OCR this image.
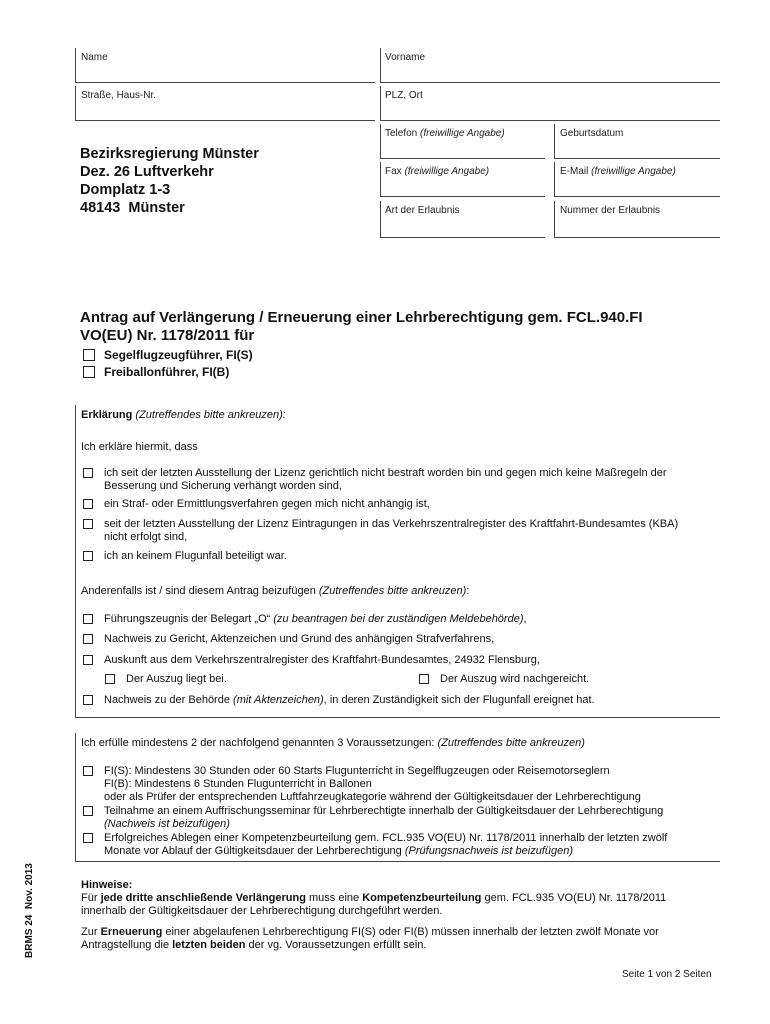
Name	Vorname
Straße, Haus-Nr.	PLZ, Ort
Telefon (freiwillige Angabe)	Geburtsdatum
Fax (freiwillige Angabe)	E-Mail (freiwillige Angabe)
Art der Erlaubnis	Nummer der Erlaubnis
Bezirksregierung Münster
Dez. 26 Luftverkehr
Domplatz 1-3
48143  Münster
Antrag auf Verlängerung / Erneuerung einer Lehrberechtigung gem. FCL.940.FI
VO(EU) Nr. 1178/2011 für
Segelflugzeugführer, FI(S)
Freiballonführer, FI(B)
Erklärung (Zutreffendes bitte ankreuzen):
Ich erkläre hiermit, dass
ich seit der letzten Ausstellung der Lizenz gerichtlich nicht bestraft worden bin und gegen mich keine Maßregeln der
Besserung und Sicherung verhängt worden sind,
ein Straf- oder Ermittlungsverfahren gegen mich nicht anhängig ist,
seit der letzten Ausstellung der Lizenz Eintragungen in das Verkehrszentralregister des Kraftfahrt-Bundesamtes (KBA)
nicht erfolgt sind,
ich an keinem Flugunfall beteiligt war.
Anderenfalls ist / sind diesem Antrag beizufügen (Zutreffendes bitte ankreuzen):
Führungszeugnis der Belegart „O“ (zu beantragen bei der zuständigen Meldebehörde),
Nachweis zu Gericht, Aktenzeichen und Grund des anhängigen Strafverfahrens,
Auskunft aus dem Verkehrszentralregister des Kraftfahrt-Bundesamtes, 24932 Flensburg,
Der Auszug liegt bei.	Der Auszug wird nachgereicht.
Nachweis zu der Behörde (mit Aktenzeichen), in deren Zuständigkeit sich der Flugunfall ereignet hat.
Ich erfülle mindestens 2 der nachfolgend genannten 3 Voraussetzungen: (Zutreffendes bitte ankreuzen)
FI(S): Mindestens 30 Stunden oder 60 Starts Flugunterricht in Segelflugzeugen oder Reisemotorseglern
FI(B): Mindestens 6 Stunden Flugunterricht in Ballonen
oder als Prüfer der entsprechenden Luftfahrzeugkategorie während der Gültigkeitsdauer der Lehrberechtigung
Teilnahme an einem Auffrischungsseminar für Lehrberechtigte innerhalb der Gültigkeitsdauer der Lehrberechtigung
(Nachweis ist beizufügen)
Erfolgreiches Ablegen einer Kompetenzbeurteilung gem. FCL.935 VO(EU) Nr. 1178/2011 innerhalb der letzten zwölf
Monate vor Ablauf der Gültigkeitsdauer der Lehrberechtigung (Prüfungsnachweis ist beizufügen)
Hinweise:
Für jede dritte anschließende Verlängerung muss eine Kompetenzbeurteilung gem. FCL.935 VO(EU) Nr. 1178/2011
innerhalb der Gültigkeitsdauer der Lehrberechtigung durchgeführt werden.
Zur Erneuerung einer abgelaufenen Lehrberechtigung FI(S) oder FI(B) müssen innerhalb der letzten zwölf Monate vor
Antragstellung die letzten beiden der vg. Voraussetzungen erfüllt sein.
Seite 1 von 2 Seiten
BRMS 24  Nov. 2013
